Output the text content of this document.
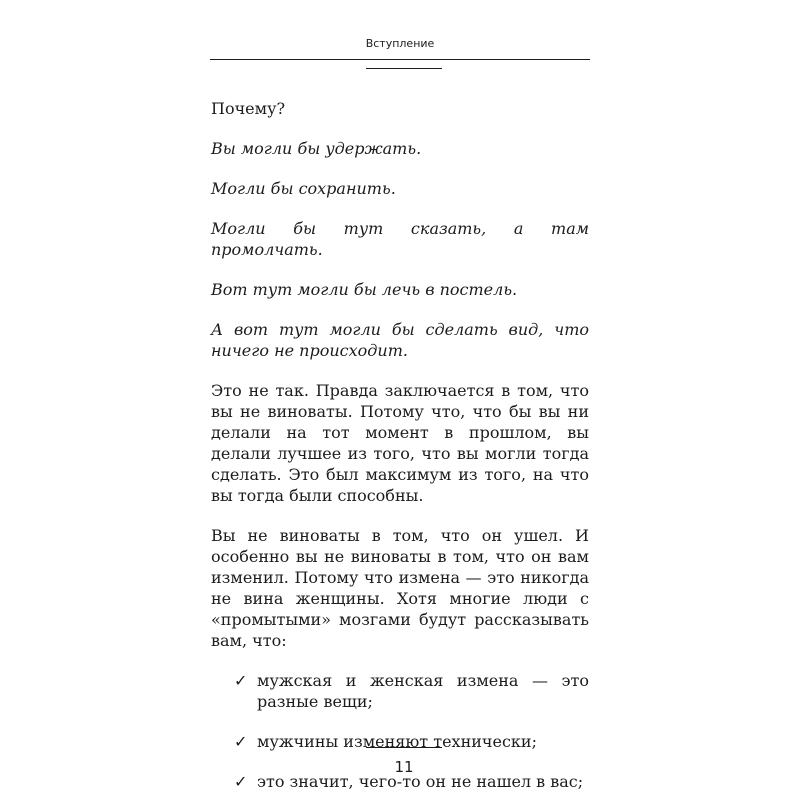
Вступление

Почему?

Вы могли бы удержать.

Могли бы сохранить.

Могли бы тут сказать, а там промолчать.

Вот тут могли бы лечь в постель.

А вот тут могли бы сделать вид, что ничего не происходит.

Это не так. Правда заключается в том, что вы не виноваты. Потому что, что бы вы ни делали на тот момент в прошлом, вы делали лучшее из того, что вы могли тогда сделать. Это был максимум из того, на что вы тогда были способны.

Вы не виноваты в том, что он ушел. И особенно вы не виноваты в том, что он вам изменил. Потому что измена — это никогда не вина женщины. Хотя многие люди с «промытыми» мозгами будут рассказывать вам, что:

✓ мужская и женская измена — это разные вещи;
✓ мужчины изменяют технически;
✓ это значит, чего-то он не нашел в вас;
11
